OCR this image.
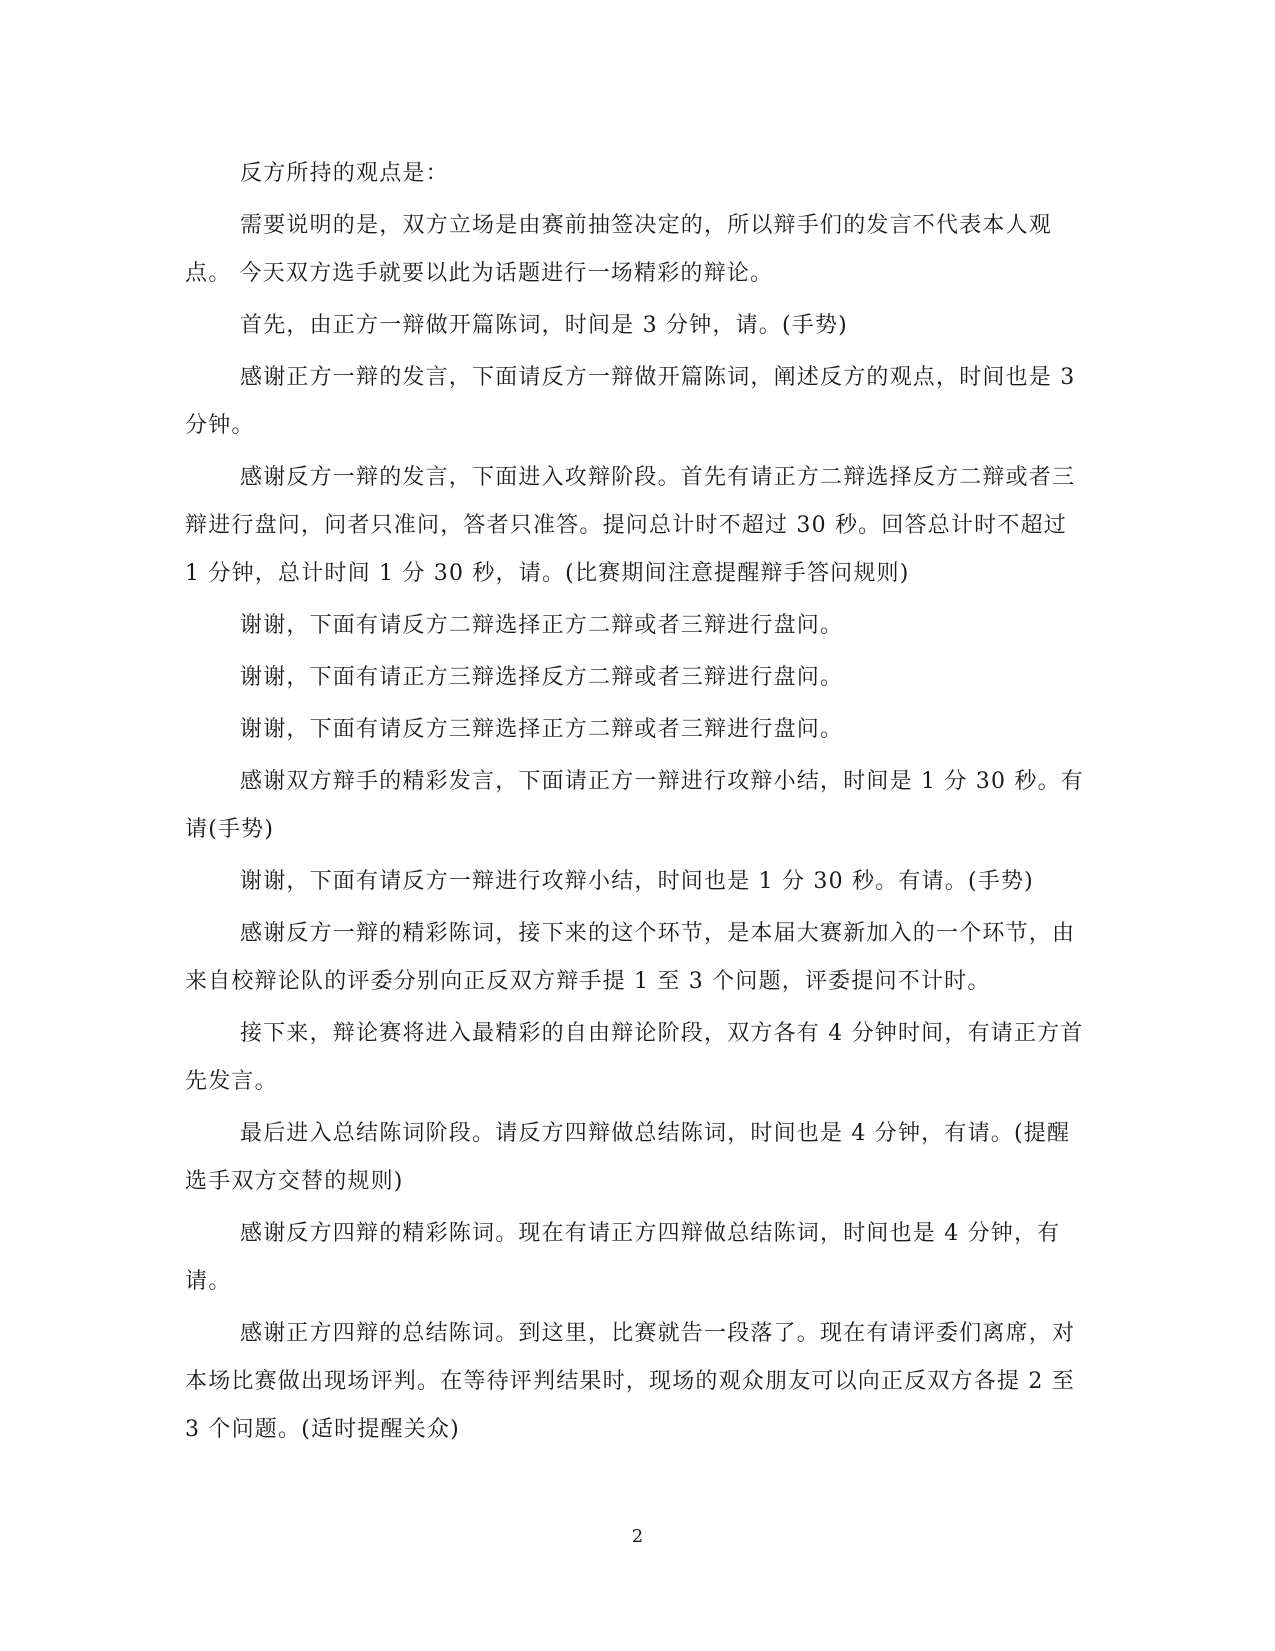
反方所持的观点是：

需要说明的是，双方立场是由赛前抽签决定的，所以辩手们的发言不代表本人观点。 今天双方选手就要以此为话题进行一场精彩的辩论。

首先，由正方一辩做开篇陈词，时间是 3 分钟，请。(手势)

感谢正方一辩的发言，下面请反方一辩做开篇陈词，阐述反方的观点，时间也是 3 分钟。

感谢反方一辩的发言，下面进入攻辩阶段。首先有请正方二辩选择反方二辩或者三辩进行盘问，问者只准问，答者只准答。提问总计时不超过 30 秒。回答总计时不超过 1 分钟，总计时间 1 分 30 秒，请。(比赛期间注意提醒辩手答问规则)

谢谢，下面有请反方二辩选择正方二辩或者三辩进行盘问。

谢谢，下面有请正方三辩选择反方二辩或者三辩进行盘问。

谢谢，下面有请反方三辩选择正方二辩或者三辩进行盘问。

感谢双方辩手的精彩发言，下面请正方一辩进行攻辩小结，时间是 1 分 30 秒。有请(手势)

谢谢，下面有请反方一辩进行攻辩小结，时间也是 1 分 30 秒。有请。(手势)

感谢反方一辩的精彩陈词，接下来的这个环节，是本届大赛新加入的一个环节，由来自校辩论队的评委分别向正反双方辩手提 1 至 3 个问题，评委提问不计时。

接下来，辩论赛将进入最精彩的自由辩论阶段，双方各有 4 分钟时间，有请正方首先发言。

最后进入总结陈词阶段。请反方四辩做总结陈词，时间也是 4 分钟，有请。(提醒选手双方交替的规则)

感谢反方四辩的精彩陈词。现在有请正方四辩做总结陈词，时间也是 4 分钟，有请。

感谢正方四辩的总结陈词。到这里，比赛就告一段落了。现在有请评委们离席，对本场比赛做出现场评判。在等待评判结果时，现场的观众朋友可以向正反双方各提 2 至 3 个问题。(适时提醒关众)

2
